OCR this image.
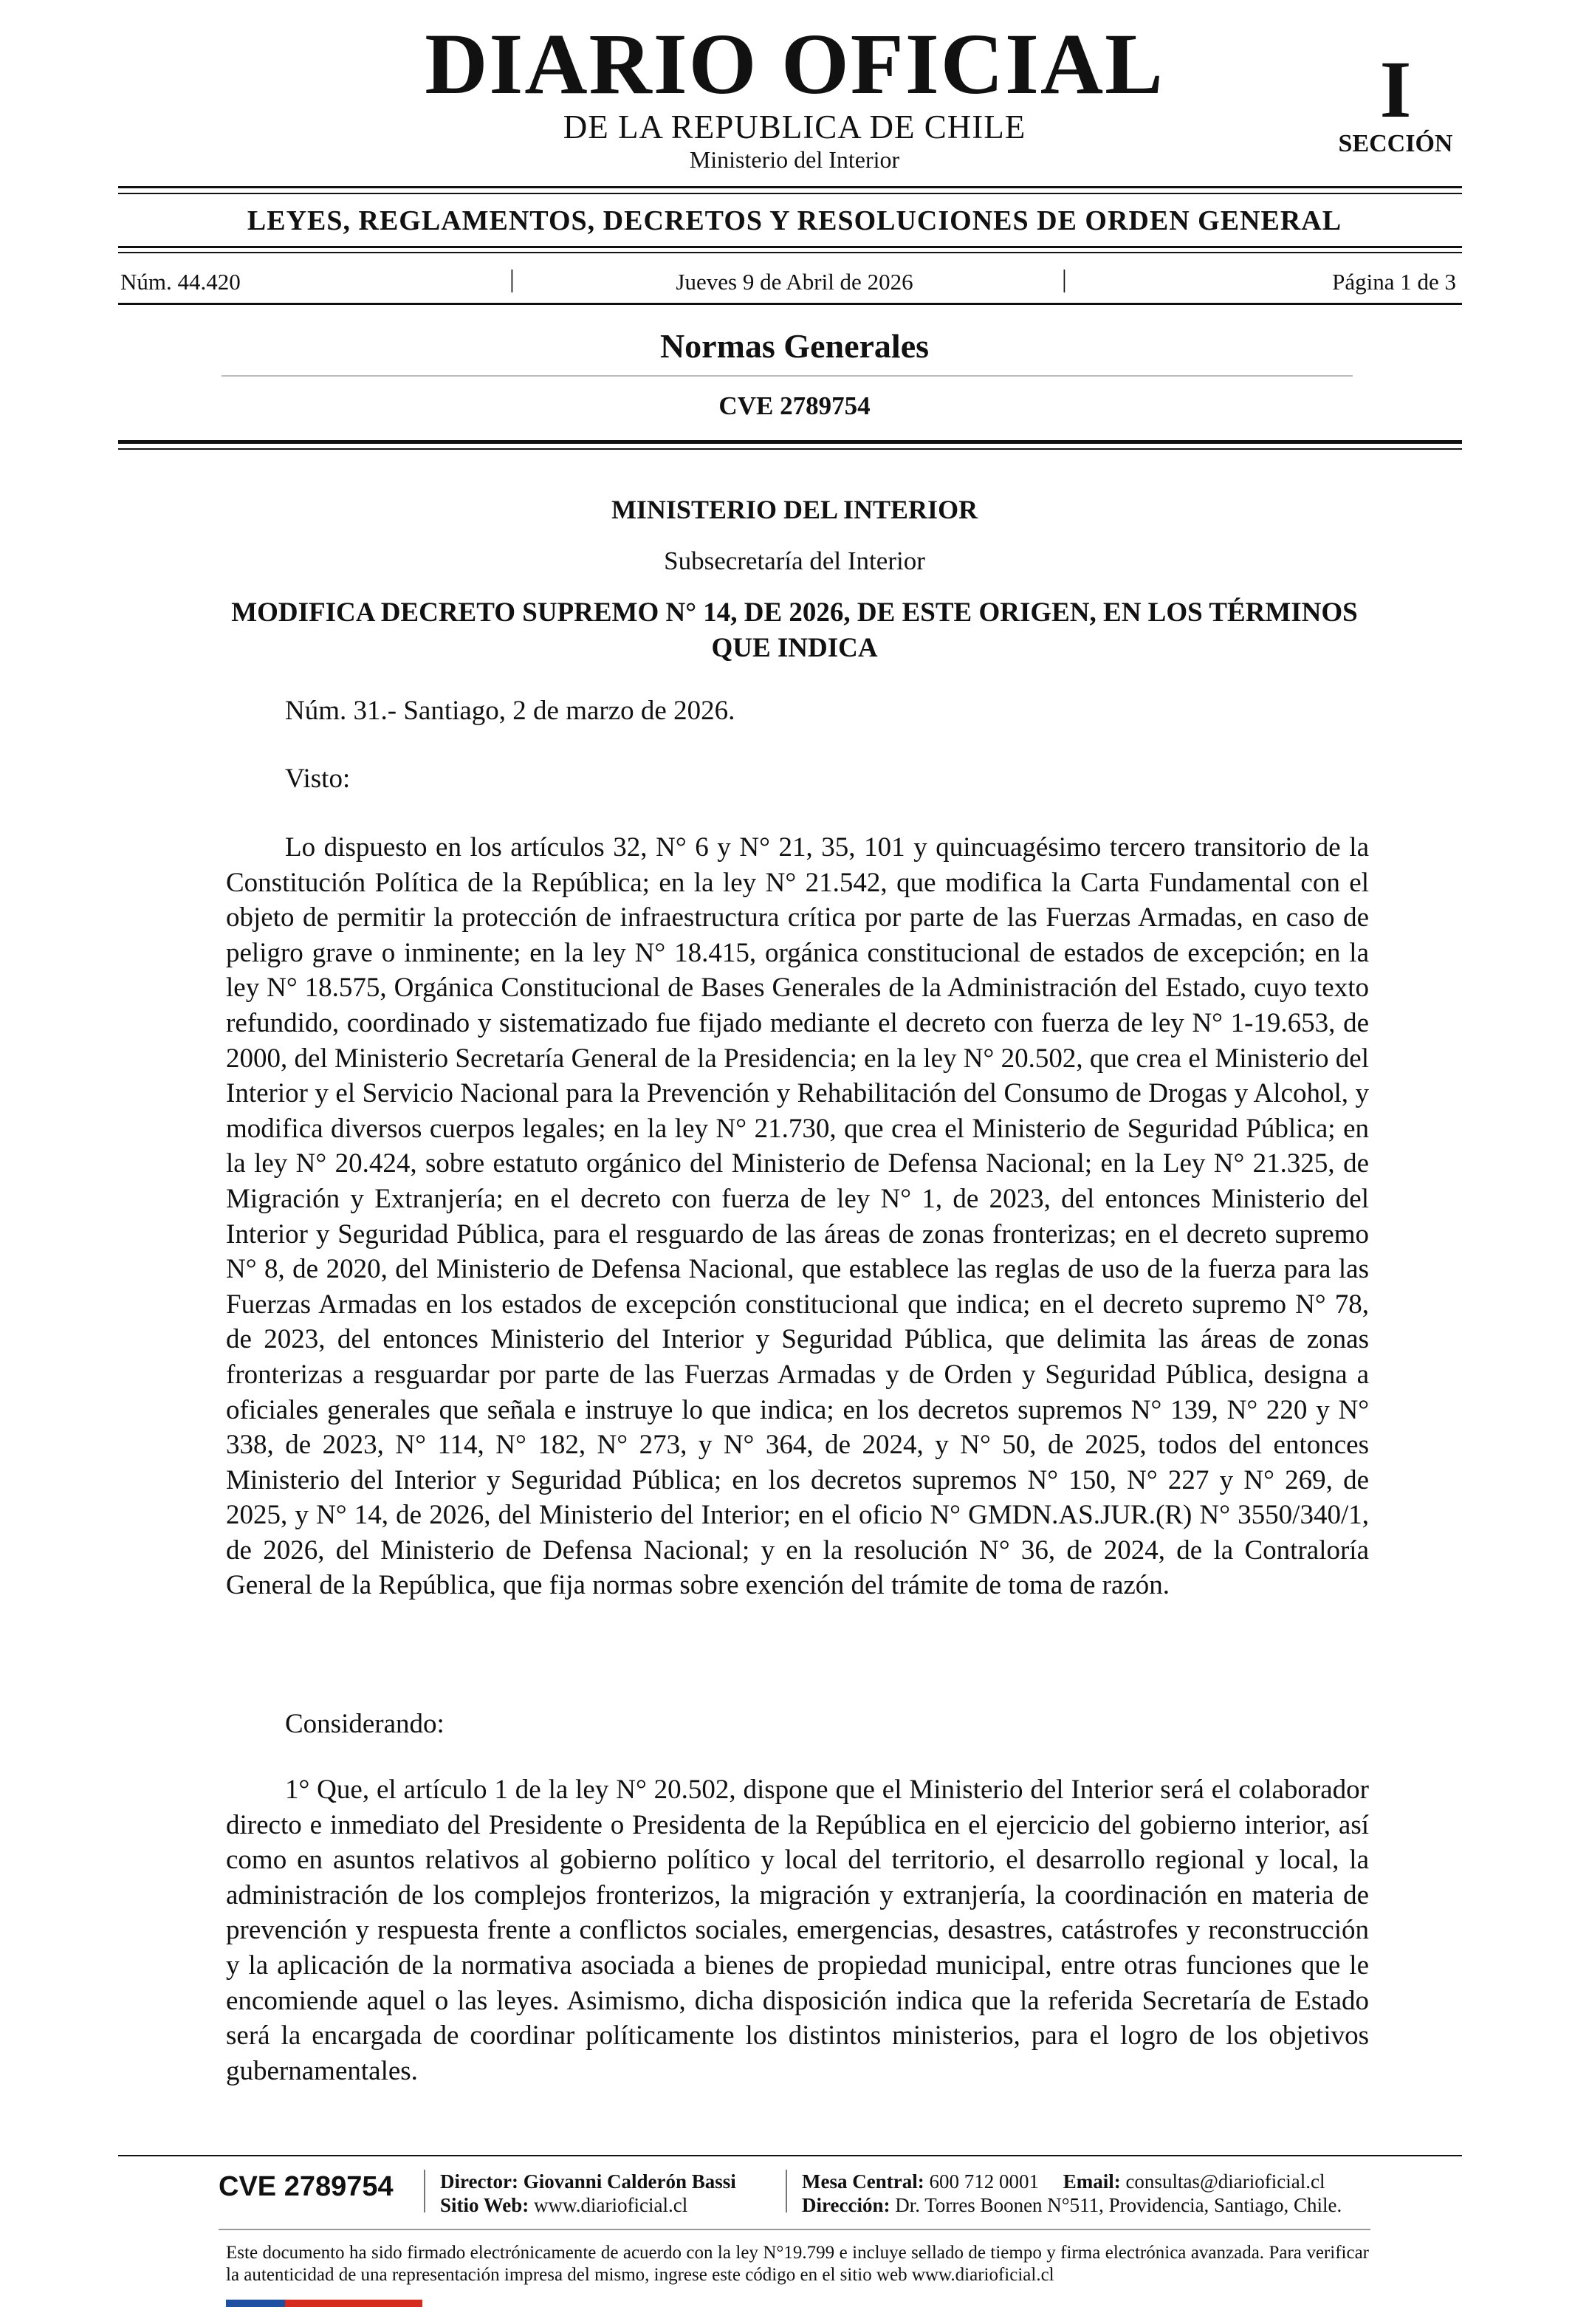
DIARIO OFICIAL
DE LA REPUBLICA DE CHILE
Ministerio del Interior
I
SECCIÓN
LEYES, REGLAMENTOS, DECRETOS Y RESOLUCIONES DE ORDEN GENERAL
Núm. 44.420	|	Jueves 9 de Abril de 2026	|	Página 1 de 3
Normas Generales
CVE 2789754
MINISTERIO DEL INTERIOR
Subsecretaría del Interior
MODIFICA DECRETO SUPREMO N° 14, DE 2026, DE ESTE ORIGEN, EN LOS TÉRMINOS QUE INDICA
Núm. 31.- Santiago, 2 de marzo de 2026.
Visto:
Lo dispuesto en los artículos 32, N° 6 y N° 21, 35, 101 y quincuagésimo tercero transitorio de la Constitución Política de la República; en la ley N° 21.542, que modifica la Carta Fundamental con el objeto de permitir la protección de infraestructura crítica por parte de las Fuerzas Armadas, en caso de peligro grave o inminente; en la ley N° 18.415, orgánica constitucional de estados de excepción; en la ley N° 18.575, Orgánica Constitucional de Bases Generales de la Administración del Estado, cuyo texto refundido, coordinado y sistematizado fue fijado mediante el decreto con fuerza de ley N° 1-19.653, de 2000, del Ministerio Secretaría General de la Presidencia; en la ley N° 20.502, que crea el Ministerio del Interior y el Servicio Nacional para la Prevención y Rehabilitación del Consumo de Drogas y Alcohol, y modifica diversos cuerpos legales; en la ley N° 21.730, que crea el Ministerio de Seguridad Pública; en la ley N° 20.424, sobre estatuto orgánico del Ministerio de Defensa Nacional; en la Ley N° 21.325, de Migración y Extranjería; en el decreto con fuerza de ley N° 1, de 2023, del entonces Ministerio del Interior y Seguridad Pública, para el resguardo de las áreas de zonas fronterizas; en el decreto supremo N° 8, de 2020, del Ministerio de Defensa Nacional, que establece las reglas de uso de la fuerza para las Fuerzas Armadas en los estados de excepción constitucional que indica; en el decreto supremo N° 78, de 2023, del entonces Ministerio del Interior y Seguridad Pública, que delimita las áreas de zonas fronterizas a resguardar por parte de las Fuerzas Armadas y de Orden y Seguridad Pública, designa a oficiales generales que señala e instruye lo que indica; en los decretos supremos N° 139, N° 220 y N° 338, de 2023, N° 114, N° 182, N° 273, y N° 364, de 2024, y N° 50, de 2025, todos del entonces Ministerio del Interior y Seguridad Pública; en los decretos supremos N° 150, N° 227 y N° 269, de 2025, y N° 14, de 2026, del Ministerio del Interior; en el oficio N° GMDN.AS.JUR.(R) N° 3550/340/1, de 2026, del Ministerio de Defensa Nacional; y en la resolución N° 36, de 2024, de la Contraloría General de la República, que fija normas sobre exención del trámite de toma de razón.
Considerando:
1° Que, el artículo 1 de la ley N° 20.502, dispone que el Ministerio del Interior será el colaborador directo e inmediato del Presidente o Presidenta de la República en el ejercicio del gobierno interior, así como en asuntos relativos al gobierno político y local del territorio, el desarrollo regional y local, la administración de los complejos fronterizos, la migración y extranjería, la coordinación en materia de prevención y respuesta frente a conflictos sociales, emergencias, desastres, catástrofes y reconstrucción y la aplicación de la normativa asociada a bienes de propiedad municipal, entre otras funciones que le encomiende aquel o las leyes. Asimismo, dicha disposición indica que la referida Secretaría de Estado será la encargada de coordinar políticamente los distintos ministerios, para el logro de los objetivos gubernamentales.
CVE 2789754 Director: Giovanni Calderón Bassi
Sitio Web: www.diarioficial.cl
Mesa Central: 600 712 0001 Email: consultas@diarioficial.cl
Dirección: Dr. Torres Boonen N°511, Providencia, Santiago, Chile.
Este documento ha sido firmado electrónicamente de acuerdo con la ley N°19.799 e incluye sellado de tiempo y firma electrónica avanzada. Para verificar la autenticidad de una representación impresa del mismo, ingrese este código en el sitio web www.diarioficial.cl
